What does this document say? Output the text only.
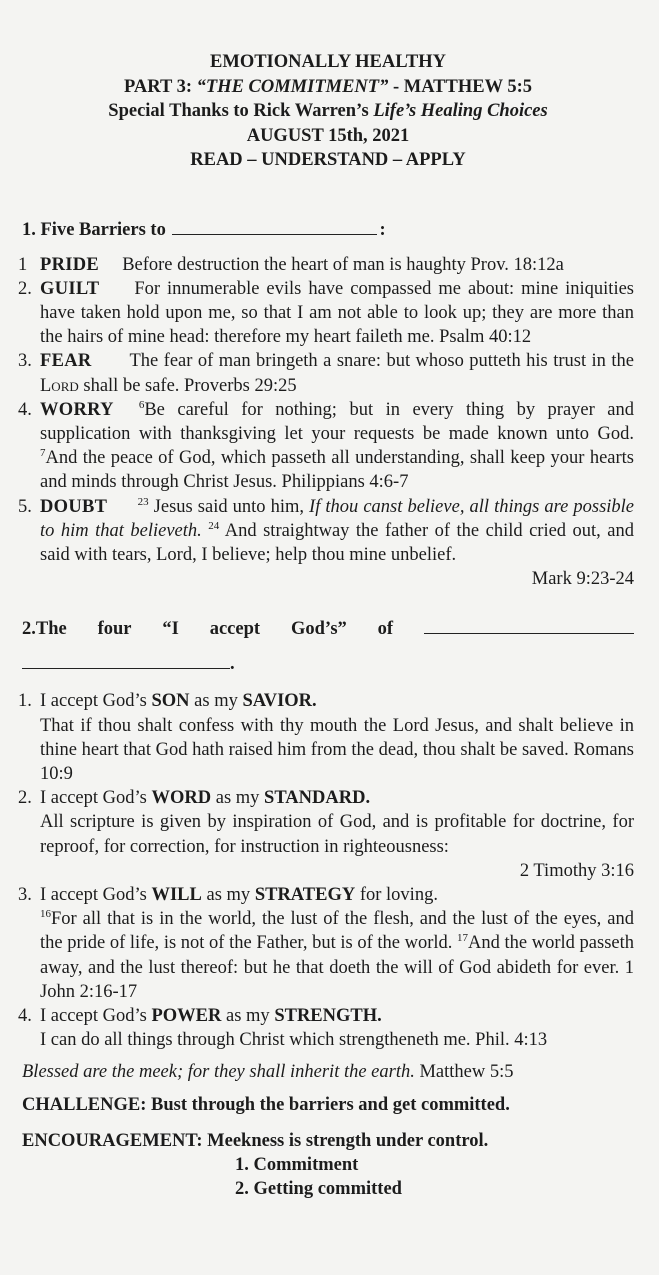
EMOTIONALLY HEALTHY
PART 3: “THE COMMITMENT” - MATTHEW 5:5
Special Thanks to Rick Warren’s Life’s Healing Choices
AUGUST 15th, 2021
READ – UNDERSTAND – APPLY
1. Five Barriers to	:
1 PRIDE Before destruction the heart of man is haughty Prov. 18:12a
2. GUILT For innumerable evils have compassed me about: mine iniquities have taken hold upon me, so that I am not able to look up; they are more than the hairs of mine head: therefore my heart faileth me. Psalm 40:12
3. FEAR The fear of man bringeth a snare: but whoso putteth his trust in the Lord shall be safe. Proverbs 29:25
4. WORRY $^6$Be careful for nothing; but in every thing by prayer and supplication with thanksgiving let your requests be made known unto God. $^7$And the peace of God, which passeth all understanding, shall keep your hearts and minds through Christ Jesus. Philippians 4:6-7
5. DOUBT	$^{23}$ Jesus said unto him, If thou canst believe, all things are possible to him that believeth. $^{24}$ And straightway the father of the child cried out, and said with tears, Lord, I believe; help thou mine unbelief.
Mark 9:23-24
2.The four “I accept God’s” of
.
1. I accept God’s SON as my SAVIOR.
That if thou shalt confess with thy mouth the Lord Jesus, and shalt believe in thine heart that God hath raised him from the dead, thou shalt be saved. Romans 10:9
2. I accept God’s WORD as my STANDARD.
All scripture is given by inspiration of God, and is profitable for doctrine, for reproof, for correction, for instruction in righteousness:
2 Timothy 3:16
3. I accept God’s WILL as my STRATEGY for loving.
$^{16}$For all that is in the world, the lust of the flesh, and the lust of the eyes, and the pride of life, is not of the Father, but is of the world. $^{17}$And the world passeth away, and the lust thereof: but he that doeth the will of God abideth for ever. 1 John 2:16-17
4. I accept God’s POWER as my STRENGTH.
I can do all things through Christ which strengtheneth me. Phil. 4:13
Blessed are the meek; for they shall inherit the earth. Matthew 5:5
CHALLENGE: Bust through the barriers and get committed.
ENCOURAGEMENT: Meekness is strength under control.
1. Commitment
2. Getting committed
